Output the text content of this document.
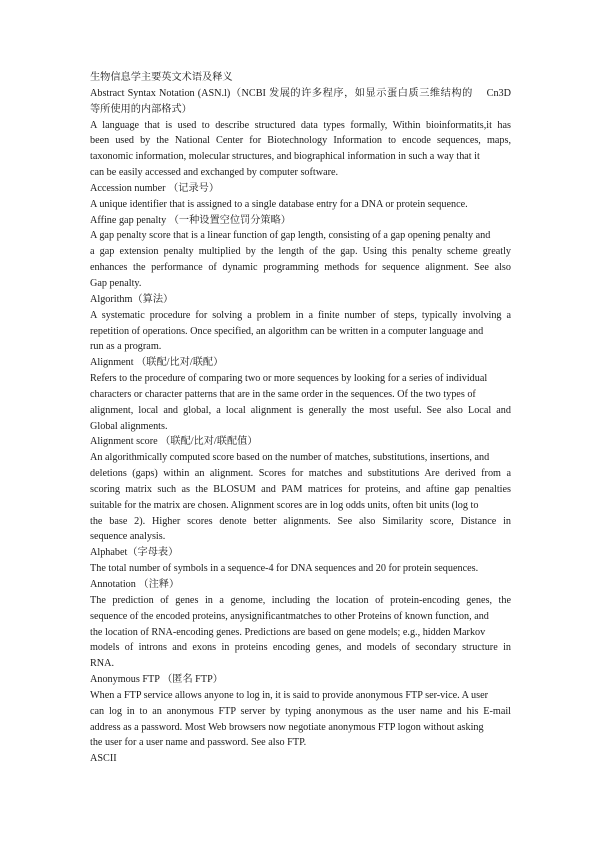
生物信息学主要英文术语及释义
Abstract Syntax Notation (ASN.l)（NCBI 发展的许多程序，如显示蛋白质三维结构的　 Cn3D
等所使用的内部格式）
A language that is used to describe structured data types formally, Within bioinformatits,it has
been used by the National Center for Biotechnology Information to encode sequences, maps,
taxonomic information, molecular structures, and biographical information in such a way that it
can be easily accessed and exchanged by computer software.
Accession number （记录号）
A unique identifier that is assigned to a single database entry for a DNA or protein sequence.
Affine gap penalty （一种设置空位罚分策略）
A gap penalty score that is a linear function of gap length, consisting of a gap opening penalty and
a gap extension penalty multiplied by the length of the gap. Using this penalty scheme greatly
enhances the performance of dynamic programming methods for sequence alignment. See also
Gap penalty.
Algorithm（算法）
A systematic procedure for solving a problem in a finite number of steps, typically involving a
repetition of operations. Once specified, an algorithm can be written in a computer language and
run as a program.
Alignment （联配/比对/联配）
Refers to the procedure of comparing two or more sequences by looking for a series of individual
characters or character patterns that are in the same order in the sequences. Of the two types of
alignment, local and global, a local alignment is generally the most useful. See also Local and
Global alignments.
Alignment score （联配/比对/联配值）
An algorithmically computed score based on the number of matches, substitutions, insertions, and
deletions (gaps) within an alignment. Scores for matches and substitutions Are derived from a
scoring matrix such as the BLOSUM and PAM matrices for proteins, and aftine gap penalties
suitable for the matrix are chosen. Alignment scores are in log odds units, often bit units (log to
the base 2). Higher scores denote better alignments. See also Similarity score, Distance in
sequence analysis.
Alphabet（字母表）
The total number of symbols in a sequence-4 for DNA sequences and 20 for protein sequences.
Annotation （注释）
The prediction of genes in a genome, including the location of protein-encoding genes, the
sequence of the encoded proteins, anysignificantmatches to other Proteins of known function, and
the location of RNA-encoding genes. Predictions are based on gene models; e.g., hidden Markov
models of introns and exons in proteins encoding genes, and models of secondary structure in
RNA.
Anonymous FTP （匿名 FTP）
When a FTP service allows anyone to log in, it is said to provide anonymous FTP ser-vice. A user
can log in to an anonymous FTP server by typing anonymous as the user name and his E-mail
address as a password. Most Web browsers now negotiate anonymous FTP logon without asking
the user for a user name and password. See also FTP.
ASCII
